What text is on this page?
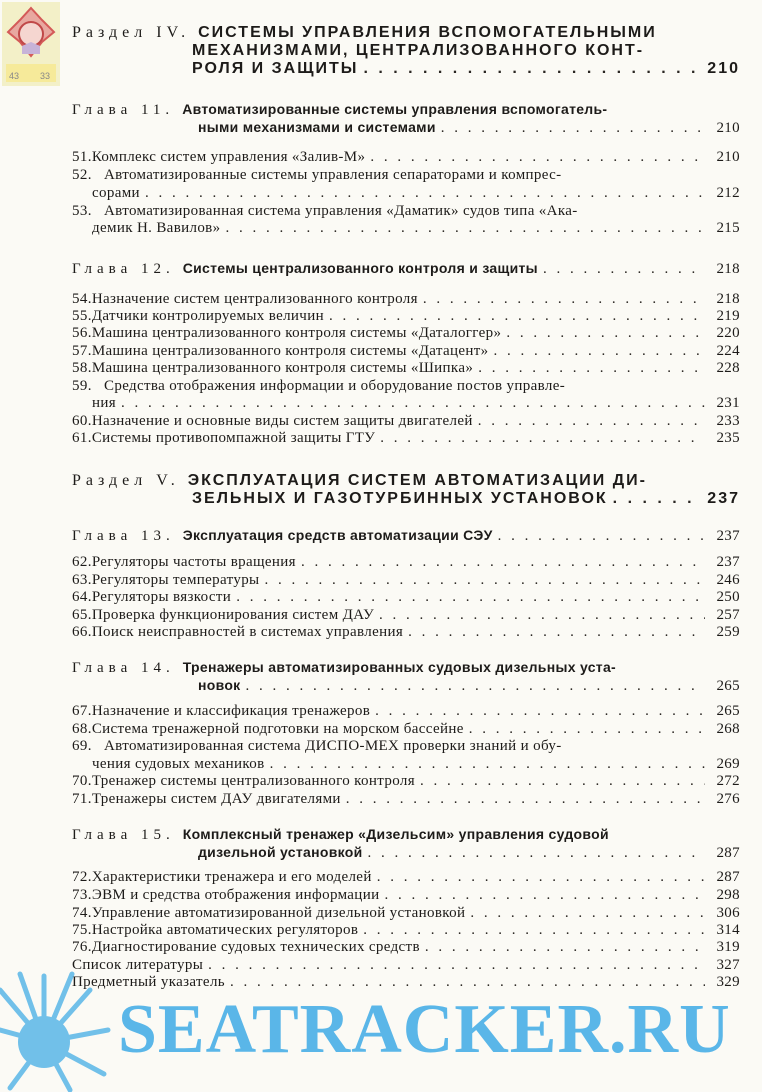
43 33
Раздел IV. СИСТЕМЫ УПРАВЛЕНИЯ ВСПОМОГАТЕЛЬНЫМИ
МЕХАНИЗМАМИ, ЦЕНТРАЛИЗОВАННОГО КОНТ-
РОЛЯ И ЗАЩИТЫ . . .	210
Глава 11. Автоматизированные системы управления вспомогатель-
ными механизмами и системами . . .	210
51. Комплекс систем управления «Залив-М» . . .	210
52. Автоматизированные системы управления сепараторами и компрес-
сорами . . .	212
53. Автоматизированная система управления «Даматик» судов типа «Ака-
демик Н. Вавилов» . . .	215
Глава 12. Системы централизованного контроля и защиты . . .	218
54. Назначение систем централизованного контроля . . .	218
55. Датчики контролируемых величин . . .	219
56. Машина централизованного контроля системы «Даталоггер» . . .	220
57. Машина централизованного контроля системы «Датацент» . . .	224
58. Машина централизованного контроля системы «Шипка» . . .	228
59. Средства отображения информации и оборудование постов управле-
ния . . .	231
60. Назначение и основные виды систем защиты двигателей . . .	233
61. Системы противопомпажной защиты ГТУ . . .	235
Раздел V. ЭКСПЛУАТАЦИЯ СИСТЕМ АВТОМАТИЗАЦИИ ДИ-
ЗЕЛЬНЫХ И ГАЗОТУРБИННЫХ УСТАНОВОК . . .	237
Глава 13. Эксплуатация средств автоматизации СЭУ . . .	237
62. Регуляторы частоты вращения . . .	237
63. Регуляторы температуры . . .	246
64. Регуляторы вязкости . . .	250
65. Проверка функционирования систем ДАУ . . .	257
66. Поиск неисправностей в системах управления . . .	259
Глава 14. Тренажеры автоматизированных судовых дизельных уста-
новок . . .	265
67. Назначение и классификация тренажеров . . .	265
68. Система тренажерной подготовки на морском бассейне . . .	268
69. Автоматизированная система ДИСПО-МЕХ проверки знаний и обу-
чения судовых механиков . . .	269
70. Тренажер системы централизованного контроля . . .	272
71. Тренажеры систем ДАУ двигателями . . .	276
Глава 15. Комплексный тренажер «Дизельсим» управления судовой
дизельной установкой . . .	287
72. Характеристики тренажера и его моделей . . .	287
73. ЭВМ и средства отображения информации . . .	298
74. Управление автоматизированной дизельной установкой . . .	306
75. Настройка автоматических регуляторов . . .	314
76. Диагностирование судовых технических средств . . .	319
Список литературы . . .	327
Предметный указатель . . .	329
SEATRACKER.RU
